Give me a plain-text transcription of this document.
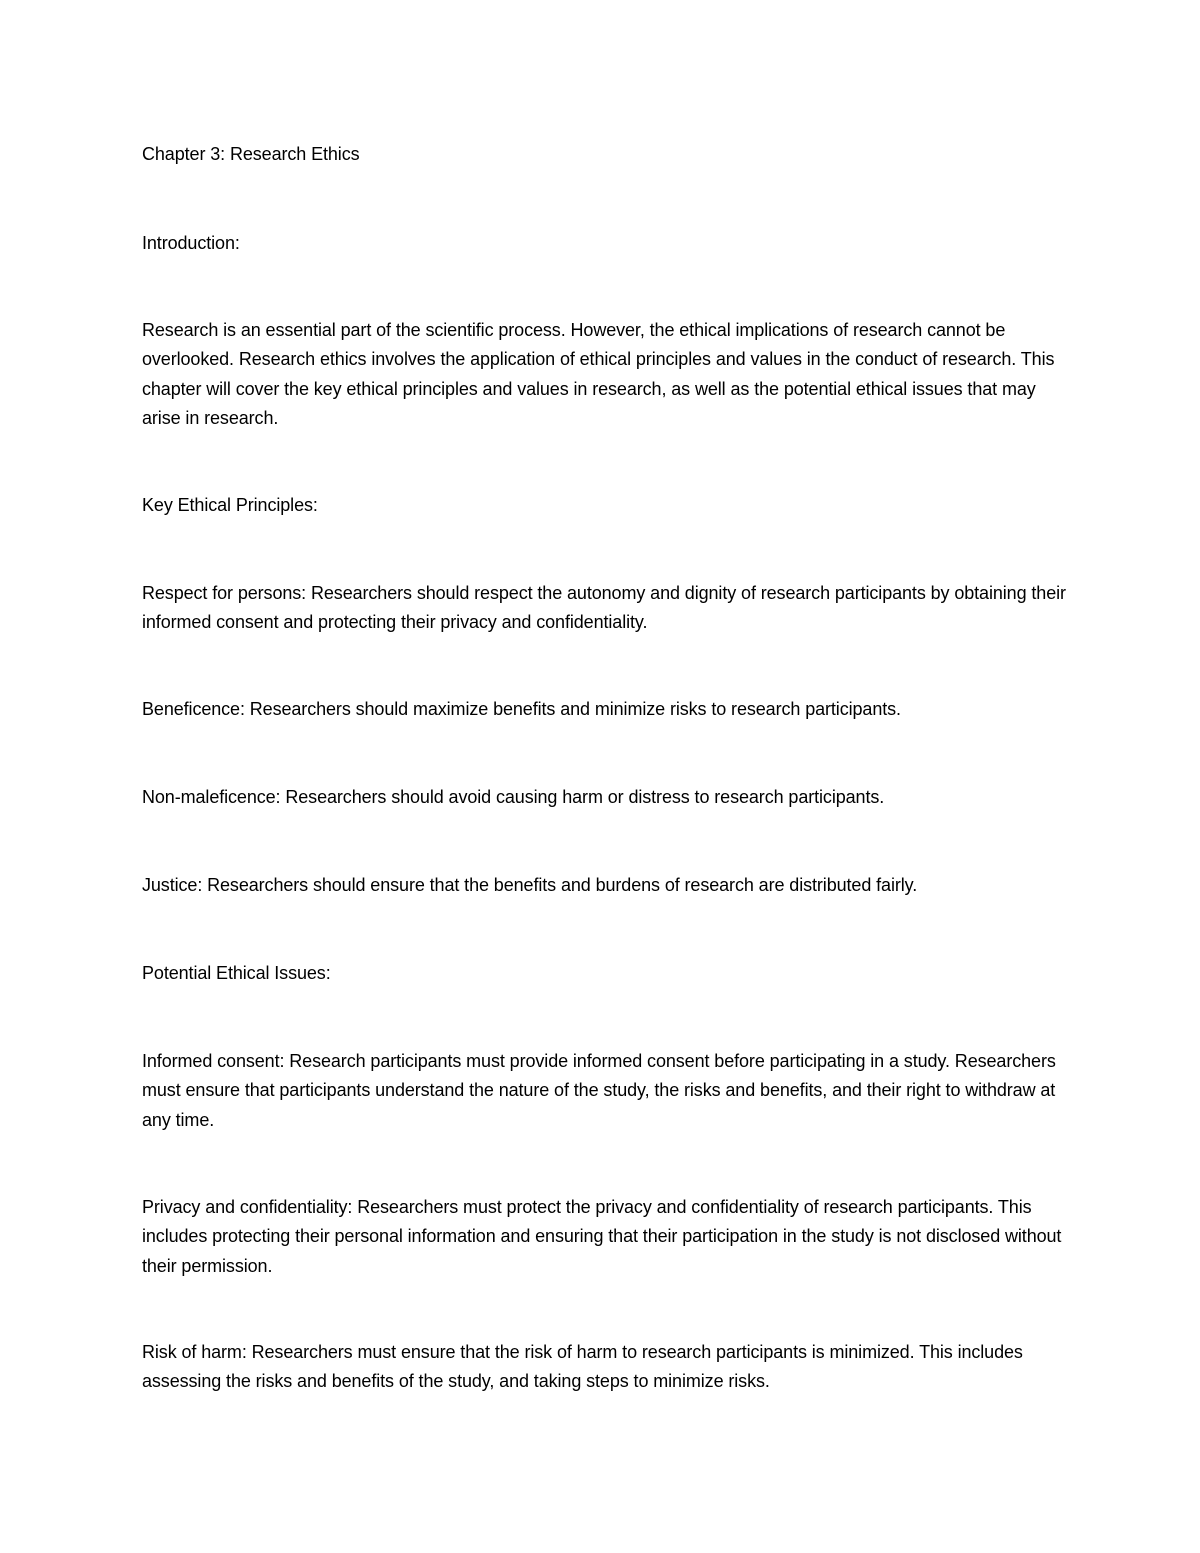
Chapter 3: Research Ethics

Introduction:

Research is an essential part of the scientific process. However, the ethical implications of research cannot be overlooked. Research ethics involves the application of ethical principles and values in the conduct of research. This chapter will cover the key ethical principles and values in research, as well as the potential ethical issues that may arise in research.

Key Ethical Principles:

Respect for persons: Researchers should respect the autonomy and dignity of research participants by obtaining their informed consent and protecting their privacy and confidentiality.

Beneficence: Researchers should maximize benefits and minimize risks to research participants.

Non-maleficence: Researchers should avoid causing harm or distress to research participants.

Justice: Researchers should ensure that the benefits and burdens of research are distributed fairly.

Potential Ethical Issues:

Informed consent: Research participants must provide informed consent before participating in a study. Researchers must ensure that participants understand the nature of the study, the risks and benefits, and their right to withdraw at any time.

Privacy and confidentiality: Researchers must protect the privacy and confidentiality of research participants. This includes protecting their personal information and ensuring that their participation in the study is not disclosed without their permission.

Risk of harm: Researchers must ensure that the risk of harm to research participants is minimized. This includes assessing the risks and benefits of the study, and taking steps to minimize risks.
